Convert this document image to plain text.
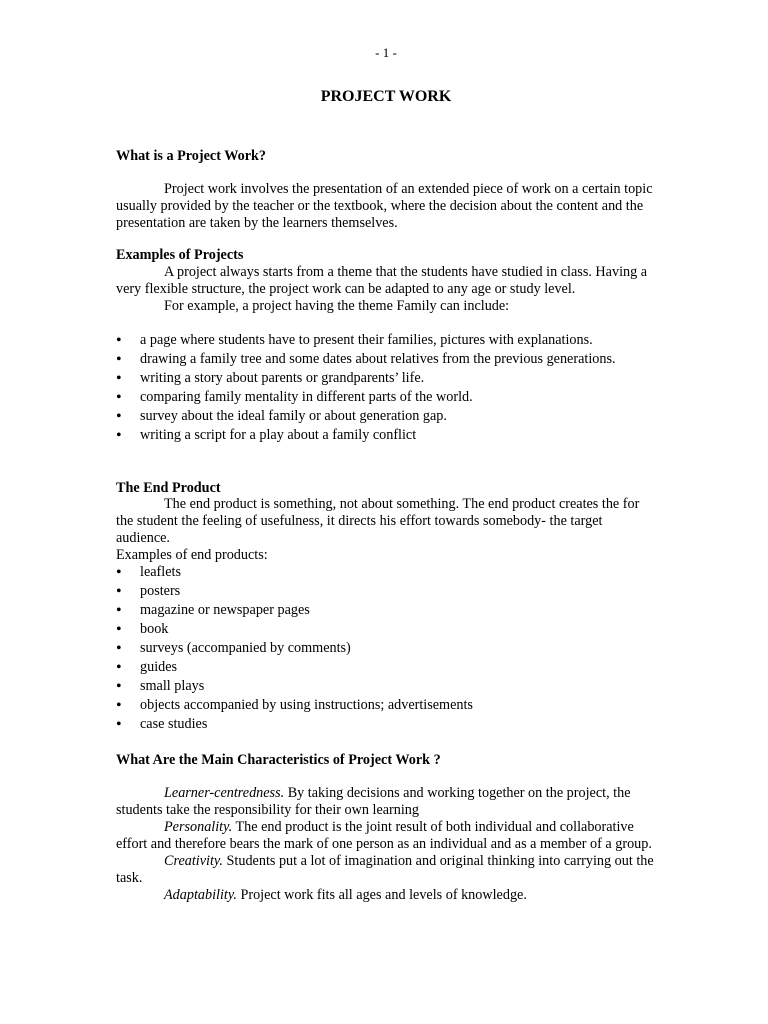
- 1 -
PROJECT WORK
What is a Project Work?

Project work involves the presentation of an extended piece of work on a certain topic usually provided by the teacher or the textbook, where the decision about the content and the presentation are taken by the learners themselves.

Examples of Projects

A project always starts from a theme that the students have studied in class. Having a very flexible structure, the project work can be adapted to any age or study level.

For example, a project having the theme Family can include:

• a page where students have to present their families, pictures with explanations.
• drawing a family tree and some dates about relatives from the previous generations.
• writing a story about parents or grandparents’ life.
• comparing family mentality in different parts of the world.
• survey about the ideal family or about generation gap.
• writing a script for a play about a family conflict
The End Product

The end product is something, not about something. The end product creates the for the student the feeling of usefulness, it directs his effort towards somebody- the target audience.

Examples of end products:

• leaflets
• posters
• magazine or newspaper pages
• book
• surveys (accompanied by comments)
• guides
• small plays
• objects accompanied by using instructions; advertisements
• case studies
What Are the Main Characteristics of Project Work ?

Learner-centredness. By taking decisions and working together on the project, the students take the responsibility for their own learning

Personality. The end product is the joint result of both individual and collaborative effort and therefore bears the mark of one person as an individual and as a member of a group.

Creativity. Students put a lot of imagination and original thinking into carrying out the task.

Adaptability. Project work fits all ages and levels of knowledge.
